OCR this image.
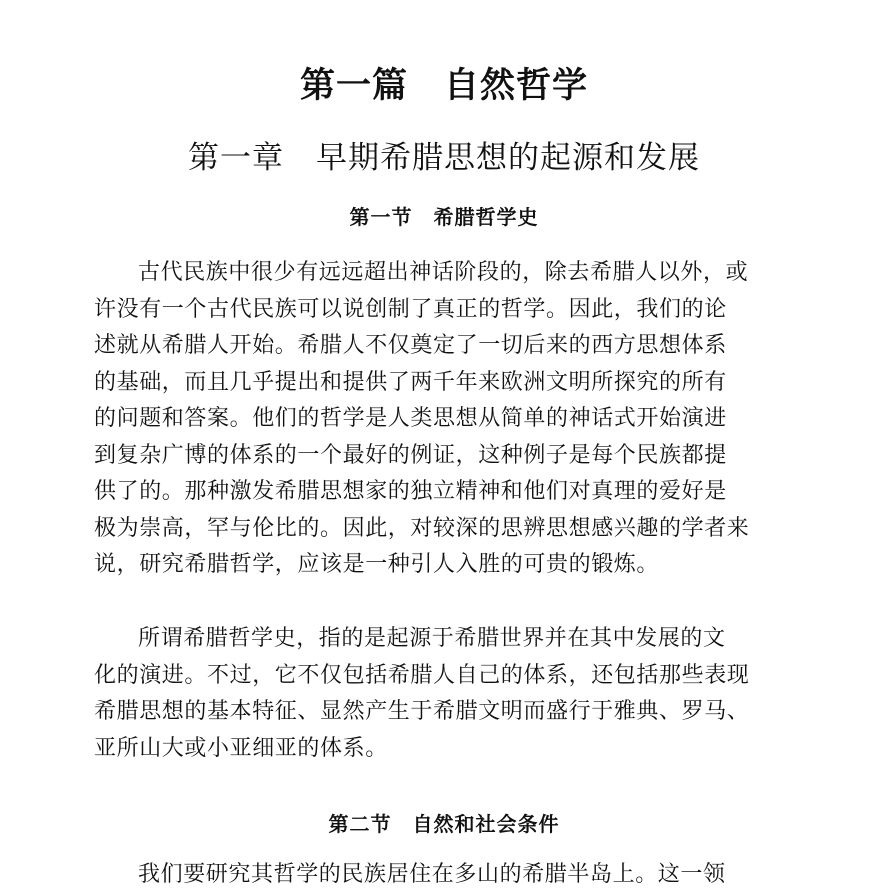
第一篇　自然哲学
第一章　早期希腊思想的起源和发展
第一节　希腊哲学史
古代民族中很少有远远超出神话阶段的，除去希腊人以外，或
许没有一个古代民族可以说创制了真正的哲学。因此，我们的论
述就从希腊人开始。希腊人不仅奠定了一切后来的西方思想体系
的基础，而且几乎提出和提供了两千年来欧洲文明所探究的所有
的问题和答案。他们的哲学是人类思想从简单的神话式开始演进
到复杂广博的体系的一个最好的例证，这种例子是每个民族都提
供了的。那种激发希腊思想家的独立精神和他们对真理的爱好是
极为崇高，罕与伦比的。因此，对较深的思辨思想感兴趣的学者来
说，研究希腊哲学，应该是一种引人入胜的可贵的锻炼。
所谓希腊哲学史，指的是起源于希腊世界并在其中发展的文
化的演进。不过，它不仅包括希腊人自己的体系，还包括那些表现
希腊思想的基本特征、显然产生于希腊文明而盛行于雅典、罗马、
亚所山大或小亚细亚的体系。
第二节　自然和社会条件
我们要研究其哲学的民族居住在多山的希腊半岛上。这一领
